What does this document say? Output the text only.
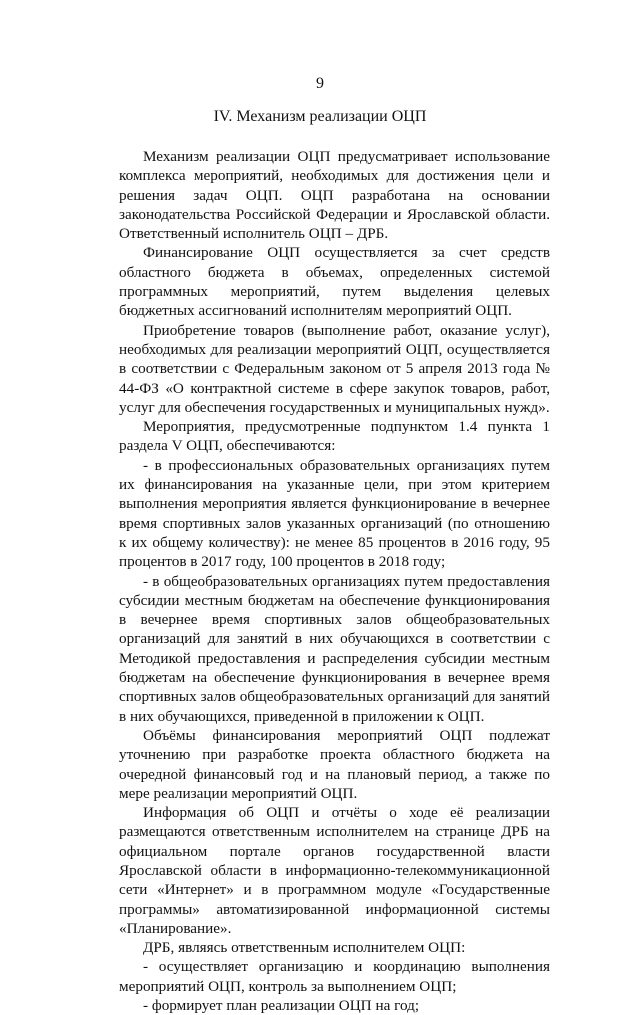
9
IV. Механизм реализации ОЦП

Механизм реализации ОЦП предусматривает использование комплекса мероприятий, необходимых для достижения цели и решения задач ОЦП. ОЦП разработана на основании законодательства Российской Федерации и Ярославской области. Ответственный исполнитель ОЦП – ДРБ.

Финансирование ОЦП осуществляется за счет средств областного бюджета в объемах, определенных системой программных мероприятий, путем выделения целевых бюджетных ассигнований исполнителям мероприятий ОЦП.

Приобретение товаров (выполнение работ, оказание услуг), необходимых для реализации мероприятий ОЦП, осуществляется в соответствии с Федеральным законом от 5 апреля 2013 года № 44-ФЗ «О контрактной системе в сфере закупок товаров, работ, услуг для обеспечения государственных и муниципальных нужд».

Мероприятия, предусмотренные подпунктом 1.4 пункта 1 раздела V ОЦП, обеспечиваются:

- в профессиональных образовательных организациях путем их финансирования на указанные цели, при этом критерием выполнения мероприятия является функционирование в вечернее время спортивных залов указанных организаций (по отношению к их общему количеству): не менее 85 процентов в 2016 году, 95 процентов в 2017 году, 100 процентов в 2018 году;

- в общеобразовательных организациях путем предоставления субсидии местным бюджетам на обеспечение функционирования в вечернее время спортивных залов общеобразовательных организаций для занятий в них обучающихся в соответствии с Методикой предоставления и распределения субсидии местным бюджетам на обеспечение функционирования в вечернее время спортивных залов общеобразовательных организаций для занятий в них обучающихся, приведенной в приложении к ОЦП.

Объёмы финансирования мероприятий ОЦП подлежат уточнению при разработке проекта областного бюджета на очередной финансовый год и на плановый период, а также по мере реализации мероприятий ОЦП.

Информация об ОЦП и отчёты о ходе её реализации размещаются ответственным исполнителем на странице ДРБ на официальном портале органов государственной власти Ярославской области в информационно-телекоммуникационной сети «Интернет» и в программном модуле «Государственные программы» автоматизированной информационной системы «Планирование».

ДРБ, являясь ответственным исполнителем ОЦП:

- осуществляет организацию и координацию выполнения мероприятий ОЦП, контроль за выполнением ОЦП;

- формирует план реализации ОЦП на год;
